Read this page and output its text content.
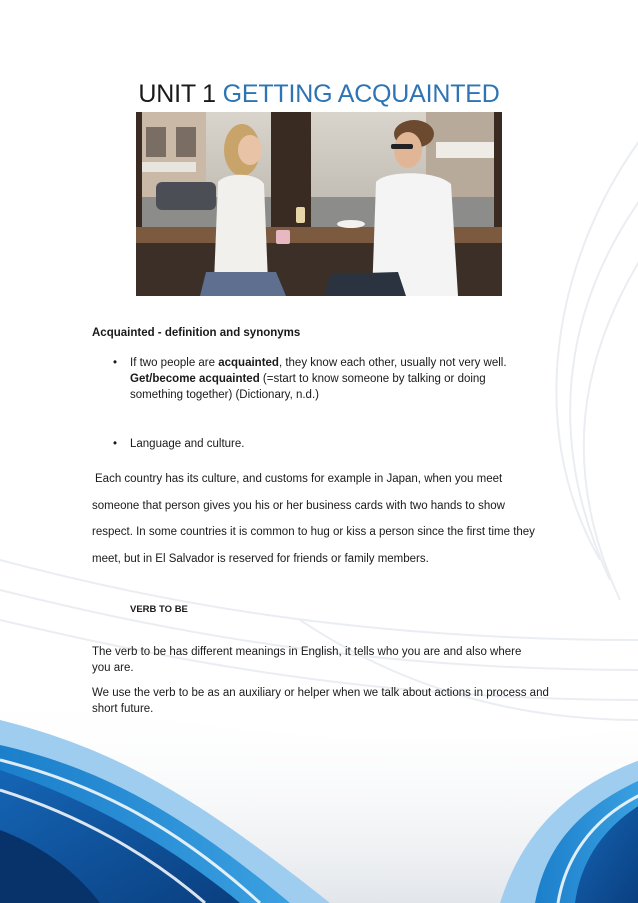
UNIT 1 GETTING ACQUAINTED
Acquainted - definition and synonyms
• If two people are acquainted, they know each other, usually not very well. Get/become acquainted (=start to know someone by talking or doing something together) (Dictionary, n.d.)
• Language and culture.
Each country has its culture, and customs for example in Japan, when you meet
someone that person gives you his or her business cards with two hands to show
respect. In some countries it is common to hug or kiss a person since the first time they
meet, but in El Salvador is reserved for friends or family members.
VERB TO BE
The verb to be has different meanings in English, it tells who you are and also where you are.
We use the verb to be as an auxiliary or helper when we talk about actions in process and short future.
